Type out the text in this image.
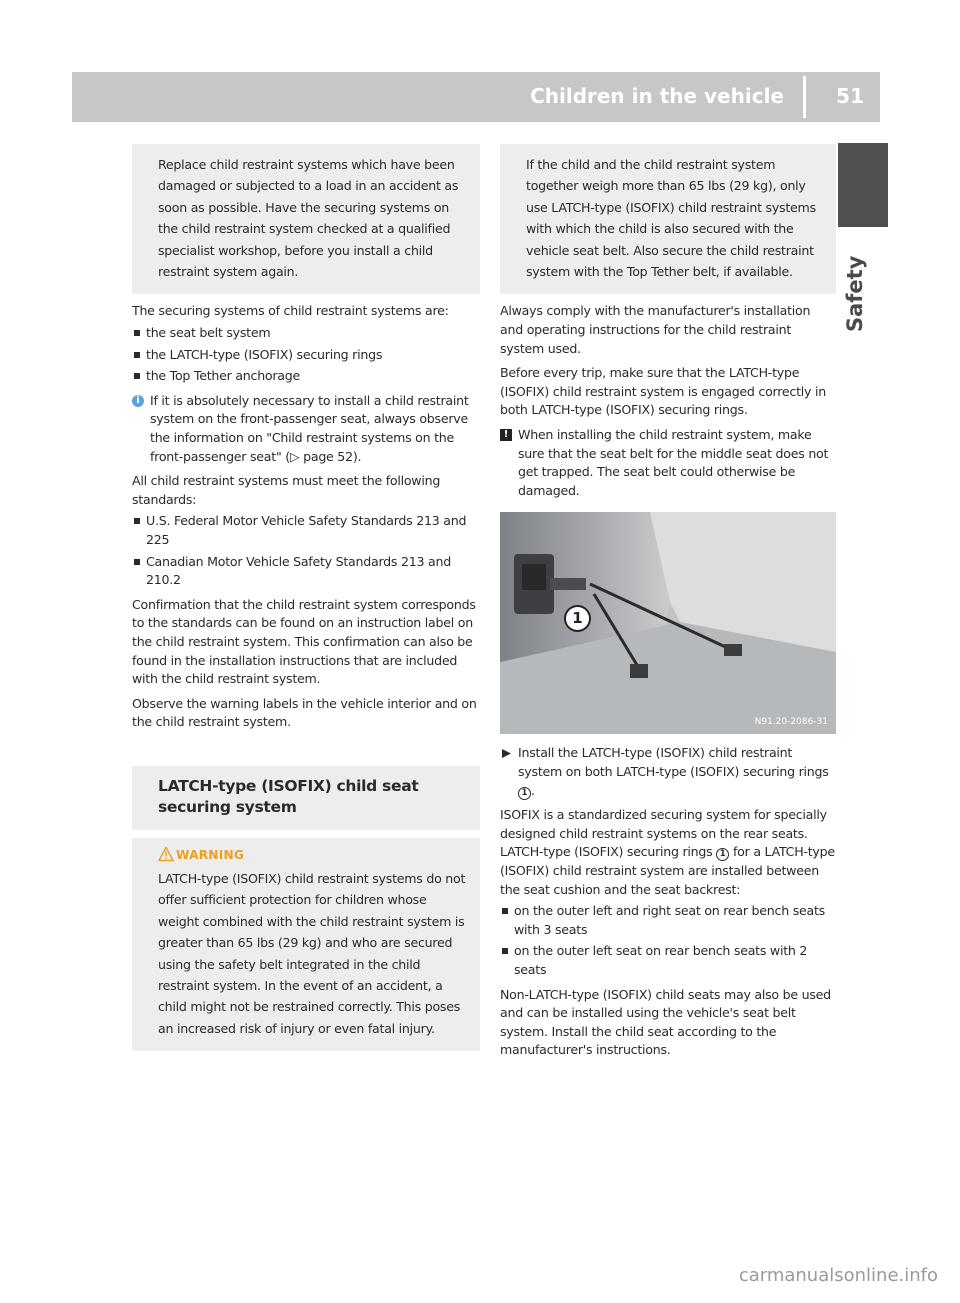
Children in the vehicle	51
Safety
Replace child restraint systems which have been damaged or subjected to a load in an accident as soon as possible. Have the securing systems on the child restraint system checked at a qualified specialist workshop, before you install a child restraint system again.
The securing systems of child restraint systems are:
the seat belt system
the LATCH-type (ISOFIX) securing rings
the Top Tether anchorage
i If it is absolutely necessary to install a child restraint system on the front-passenger seat, always observe the information on "Child restraint systems on the front-passenger seat" (▷ page 52).
All child restraint systems must meet the following standards:
U.S. Federal Motor Vehicle Safety Standards 213 and 225
Canadian Motor Vehicle Safety Standards 213 and 210.2
Confirmation that the child restraint system corresponds to the standards can be found on an instruction label on the child restraint system. This confirmation can also be found in the installation instructions that are included with the child restraint system.
Observe the warning labels in the vehicle interior and on the child restraint system.
LATCH-type (ISOFIX) child seat securing system
WARNING
LATCH-type (ISOFIX) child restraint systems do not offer sufficient protection for children whose weight combined with the child restraint system is greater than 65 lbs (29 kg) and who are secured using the safety belt integrated in the child restraint system. In the event of an accident, a child might not be restrained correctly. This poses an increased risk of injury or even fatal injury.
If the child and the child restraint system together weigh more than 65 lbs (29 kg), only use LATCH-type (ISOFIX) child restraint systems with which the child is also secured with the vehicle seat belt. Also secure the child restraint system with the Top Tether belt, if available.
Always comply with the manufacturer's installation and operating instructions for the child restraint system used.
Before every trip, make sure that the LATCH-type (ISOFIX) child restraint system is engaged correctly in both LATCH-type (ISOFIX) securing rings.
! When installing the child restraint system, make sure that the seat belt for the middle seat does not get trapped. The seat belt could otherwise be damaged.
1
N91.20-2086-31
Install the LATCH-type (ISOFIX) child restraint system on both LATCH-type (ISOFIX) securing rings 1 .
ISOFIX is a standardized securing system for specially designed child restraint systems on the rear seats. LATCH-type (ISOFIX) securing rings 1 for a LATCH-type (ISOFIX) child restraint system are installed between the seat cushion and the seat backrest:
on the outer left and right seat on rear bench seats with 3 seats
on the outer left seat on rear bench seats with 2 seats
Non-LATCH-type (ISOFIX) child seats may also be used and can be installed using the vehicle's seat belt system. Install the child seat according to the manufacturer's instructions.
carmanualsonline.info
